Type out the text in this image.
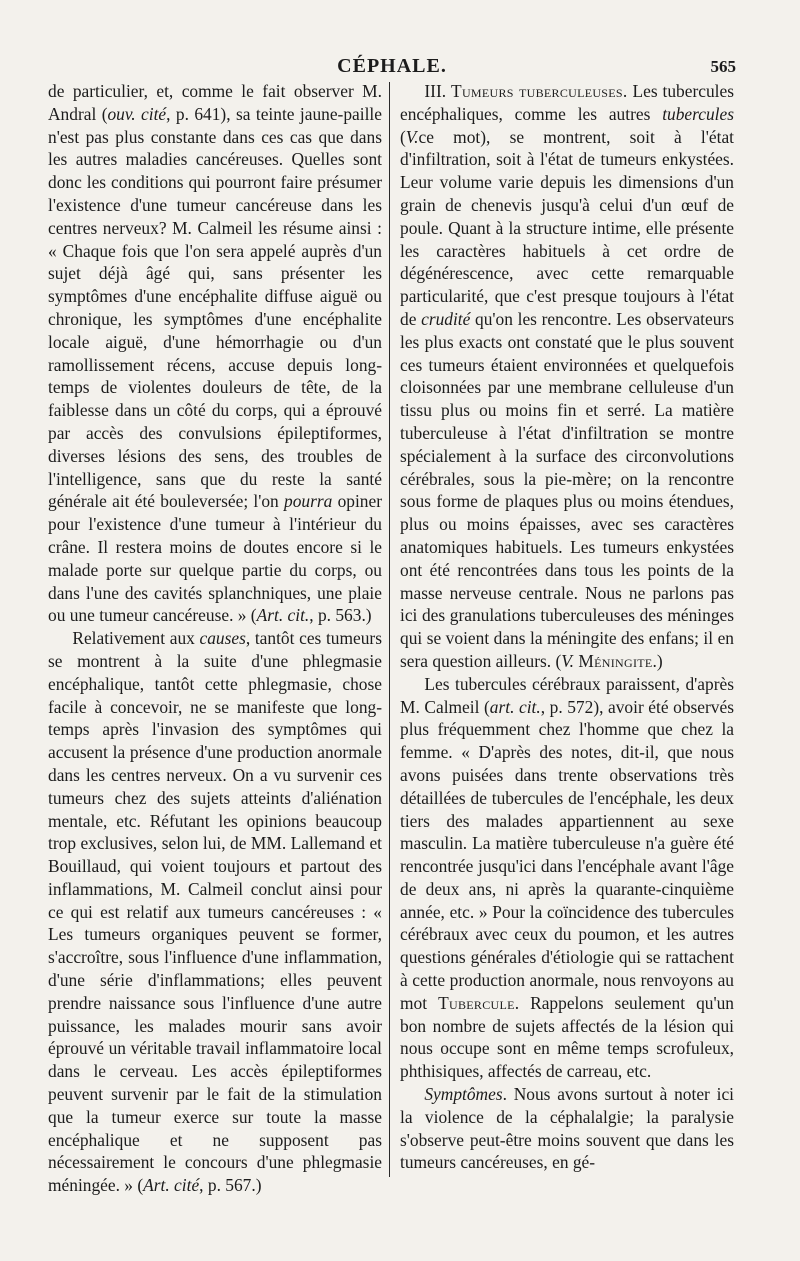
CÉPHALE.	565

de particulier, et, comme le fait observer M. Andral (ouv. cité, p. 641), sa teinte jaune-paille n'est pas plus constante dans ces cas que dans les autres maladies cancéreuses. Quelles sont donc les conditions qui pourront faire présumer l'existence d'une tumeur cancéreuse dans les centres nerveux? M. Calmeil les résume ainsi : « Chaque fois que l'on sera appelé auprès d'un sujet déjà âgé qui, sans présenter les symptômes d'une encéphalite diffuse aiguë ou chronique, les symptômes d'une encéphalite locale aiguë, d'une hémorrhagie ou d'un ramollissement récens, accuse depuis long-temps de violentes douleurs de tête, de la faiblesse dans un côté du corps, qui a éprouvé par accès des convulsions épileptiformes, diverses lésions des sens, des troubles de l'intelligence, sans que du reste la santé générale ait été bouleversée; l'on pourra opiner pour l'existence d'une tumeur à l'intérieur du crâne. Il restera moins de doutes encore si le malade porte sur quelque partie du corps, ou dans l'une des cavités splanchniques, une plaie ou une tumeur cancéreuse. » (Art. cit., p. 563.)

Relativement aux causes, tantôt ces tumeurs se montrent à la suite d'une phlegmasie encéphalique, tantôt cette phlegmasie, chose facile à concevoir, ne se manifeste que long-temps après l'invasion des symptômes qui accusent la présence d'une production anormale dans les centres nerveux. On a vu survenir ces tumeurs chez des sujets atteints d'aliénation mentale, etc. Réfutant les opinions beaucoup trop exclusives, selon lui, de MM. Lallemand et Bouillaud, qui voient toujours et partout des inflammations, M. Calmeil conclut ainsi pour ce qui est relatif aux tumeurs cancéreuses : « Les tumeurs organiques peuvent se former, s'accroître, sous l'influence d'une inflammation, d'une série d'inflammations; elles peuvent prendre naissance sous l'influence d'une autre puissance, les malades mourir sans avoir éprouvé un véritable travail inflammatoire local dans le cerveau. Les accès épileptiformes peuvent survenir par le fait de la stimulation que la tumeur exerce sur toute la masse encéphalique et ne supposent pas nécessairement le concours d'une phlegmasie méningée. » (Art. cité, p. 567.)

III. Tumeurs tuberculeuses. Les tubercules encéphaliques, comme les autres tubercules (V.ce mot), se montrent, soit à l'état d'infiltration, soit à l'état de tumeurs enkystées. Leur volume varie depuis les dimensions d'un grain de chenevis jusqu'à celui d'un œuf de poule. Quant à la structure intime, elle présente les caractères habituels à cet ordre de dégénérescence, avec cette remarquable particularité, que c'est presque toujours à l'état de crudité qu'on les rencontre. Les observateurs les plus exacts ont constaté que le plus souvent ces tumeurs étaient environnées et quelquefois cloisonnées par une membrane celluleuse d'un tissu plus ou moins fin et serré. La matière tuberculeuse à l'état d'infiltration se montre spécialement à la surface des circonvolutions cérébrales, sous la pie-mère; on la rencontre sous forme de plaques plus ou moins étendues, plus ou moins épaisses, avec ses caractères anatomiques habituels. Les tumeurs enkystées ont été rencontrées dans tous les points de la masse nerveuse centrale. Nous ne parlons pas ici des granulations tuberculeuses des méninges qui se voient dans la méningite des enfans; il en sera question ailleurs. (V. Méningite.)

Les tubercules cérébraux paraissent, d'après M. Calmeil (art. cit., p. 572), avoir été observés plus fréquemment chez l'homme que chez la femme. « D'après des notes, dit-il, que nous avons puisées dans trente observations très détaillées de tubercules de l'encéphale, les deux tiers des malades appartiennent au sexe masculin. La matière tuberculeuse n'a guère été rencontrée jusqu'ici dans l'encéphale avant l'âge de deux ans, ni après la quarante-cinquième année, etc. » Pour la coïncidence des tubercules cérébraux avec ceux du poumon, et les autres questions générales d'étiologie qui se rattachent à cette production anormale, nous renvoyons au mot Tubercule. Rappelons seulement qu'un bon nombre de sujets affectés de la lésion qui nous occupe sont en même temps scrofuleux, phthisiques, affectés de carreau, etc.

Symptômes. Nous avons surtout à noter ici la violence de la céphalalgie; la paralysie s'observe peut-être moins souvent que dans les tumeurs cancéreuses, en gé-
